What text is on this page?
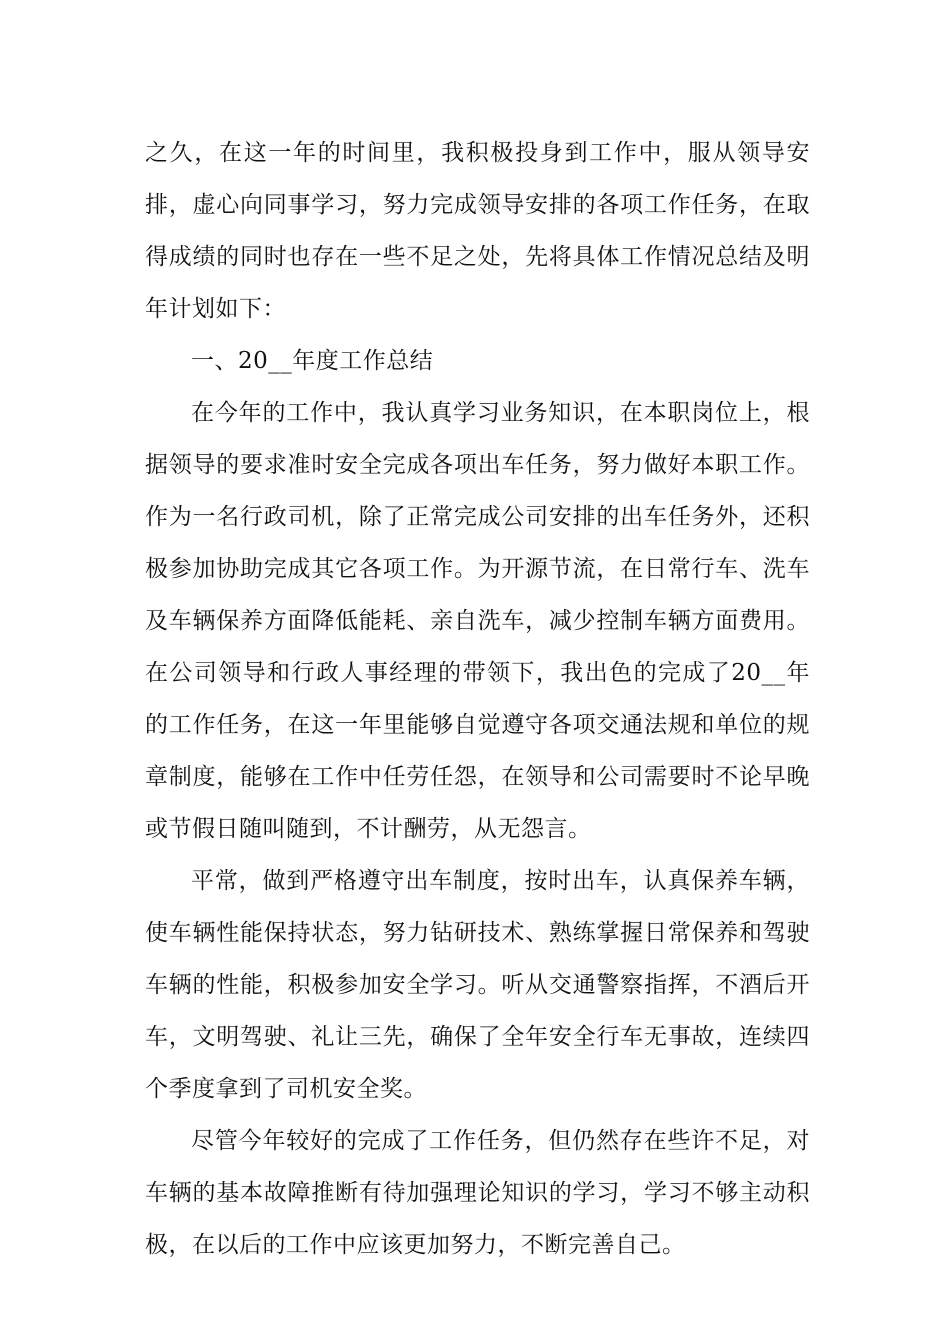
之久，在这一年的时间里，我积极投身到工作中，服从领导安排，虚心向同事学习，努力完成领导安排的各项工作任务，在取得成绩的同时也存在一些不足之处，先将具体工作情况总结及明年计划如下：

一、20__年度工作总结

在今年的工作中，我认真学习业务知识，在本职岗位上，根据领导的要求准时安全完成各项出车任务，努力做好本职工作。作为一名行政司机，除了正常完成公司安排的出车任务外，还积极参加协助完成其它各项工作。为开源节流，在日常行车、洗车及车辆保养方面降低能耗、亲自洗车，减少控制车辆方面费用。在公司领导和行政人事经理的带领下，我出色的完成了20__年的工作任务，在这一年里能够自觉遵守各项交通法规和单位的规章制度，能够在工作中任劳任怨，在领导和公司需要时不论早晚或节假日随叫随到，不计酬劳，从无怨言。

平常，做到严格遵守出车制度，按时出车，认真保养车辆，使车辆性能保持状态，努力钻研技术、熟练掌握日常保养和驾驶车辆的性能，积极参加安全学习。听从交通警察指挥，不酒后开车，文明驾驶、礼让三先，确保了全年安全行车无事故，连续四个季度拿到了司机安全奖。

尽管今年较好的完成了工作任务，但仍然存在些许不足，对车辆的基本故障推断有待加强理论知识的学习，学习不够主动积极，在以后的工作中应该更加努力，不断完善自己。
